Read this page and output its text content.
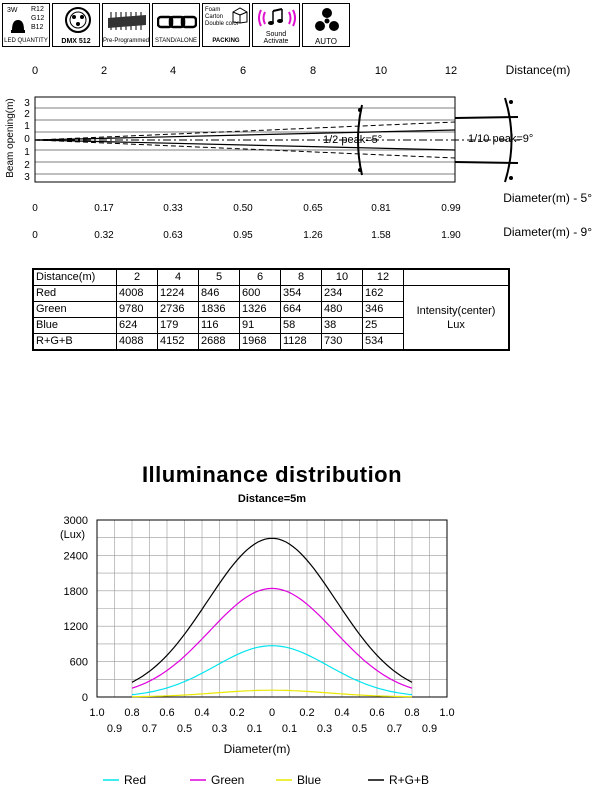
3W R12
G12
B12
LED QUANTITY	DMX 512	Pre-Programmed	STAND/ALONE
Foam
Carton
Double color
PACKING
Sound
Activate	AUTO
0	2	4	6	8	10	12	Distance(m)
Beam opening(m) 3
2
1
0
1
2
3
1/2 peak=5°	1/10 peak=9°
0	0.17	0.33	0.50	0.65	0.81	0.99
Diameter(m) - 5°
0	0.32	0.63	0.95	1.26	1.58	1.90	Diameter(m) - 9°
Distance(m)	2	4	5	6	8	10	12	
Red	4008	1224	846	600	354	234	162	Intensity(center)
Lux

Green	9780	2736	1836	1326	664	480	346	
Blue	624	179	116	91	58	38	25	
R+G+B	4088	4152	2688	1968	1128	730	534	
Illuminance distribution
Distance=5m
(Lux)
3000
2400
1800
1200
600
0
1.0 0.8 0.6 0.4 0.2 0 0.2 0.4 0.6 0.8 1.0
0.9 0.7 0.5 0.3 0.1 0.1 0.3 0.5 0.7 0.9
Diameter(m)
Red	Green	Blue	R+G+B
